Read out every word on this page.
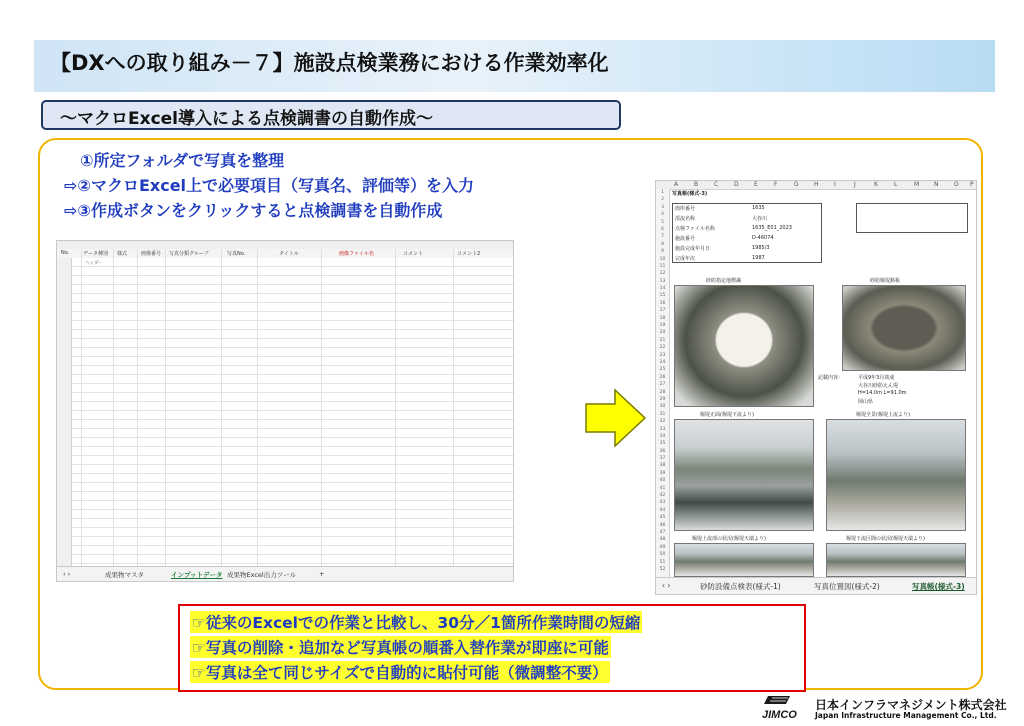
【DXへの取り組み－７】施設点検業務における作業効率化
～マクロExcel導入による点検調書の自動作成～
①所定フォルダで写真を整理
⇨②マクロExcel上で必要項目（写真名、評価等）を入力
⇨③作成ボタンをクリックすると点検調書を自動作成
No.	データ種別 様式	画像番号 写真分類グループ	写真No.	タイトル	画像ファイル名	コメント	コメント2
ヘッダー
‹ ›	成果物マスタ	インプットデータ 成果物Excel出力ツール	+
A	B	C	D	E	F	G	H	I	J	K	L	M N	O P
1
2
3
4
5
6
7
8
9
10
11
12
13
14
15
16
17
18
19
20
21
22
23
24
25
26
27
28
29
30
31
32
33
34
35
36
37
38
39
40
41
42
43
44
45
46
47
48
49
50
51
52
写真帳(様式-3)
箇所番号	1635
渓流名称	大谷川
点検ファイル名称	1635_E01_2023
施設番号	D-46074
施設完成年月日	1985/3
完成年次	1987
砂防指定地標識	砂防堰堤銘板
記載内容：	平成9年3月竣成
大谷川砂防えん堤
H=14.0m L=91.0m
岡山県
堰堤正面(堰堤下流より)	堰堤全景(堰堤上流より)
堰堤上流部の状況(堰堤天端より)	堰堤下流区間の状況(堰堤天端より)
‹ ›	砂防設備点検表(様式-1)	写真位置図(様式-2)	写真帳(様式-3)
☞従来のExcelでの作業と比較し、30分／1箇所作業時間の短縮
☞写真の削除・追加など写真帳の順番入替作業が即座に可能
☞写真は全て同じサイズで自動的に貼付可能（微調整不要）
JIMCO
日本インフラマネジメント株式会社
Japan Infrastructure Management Co., Ltd.
